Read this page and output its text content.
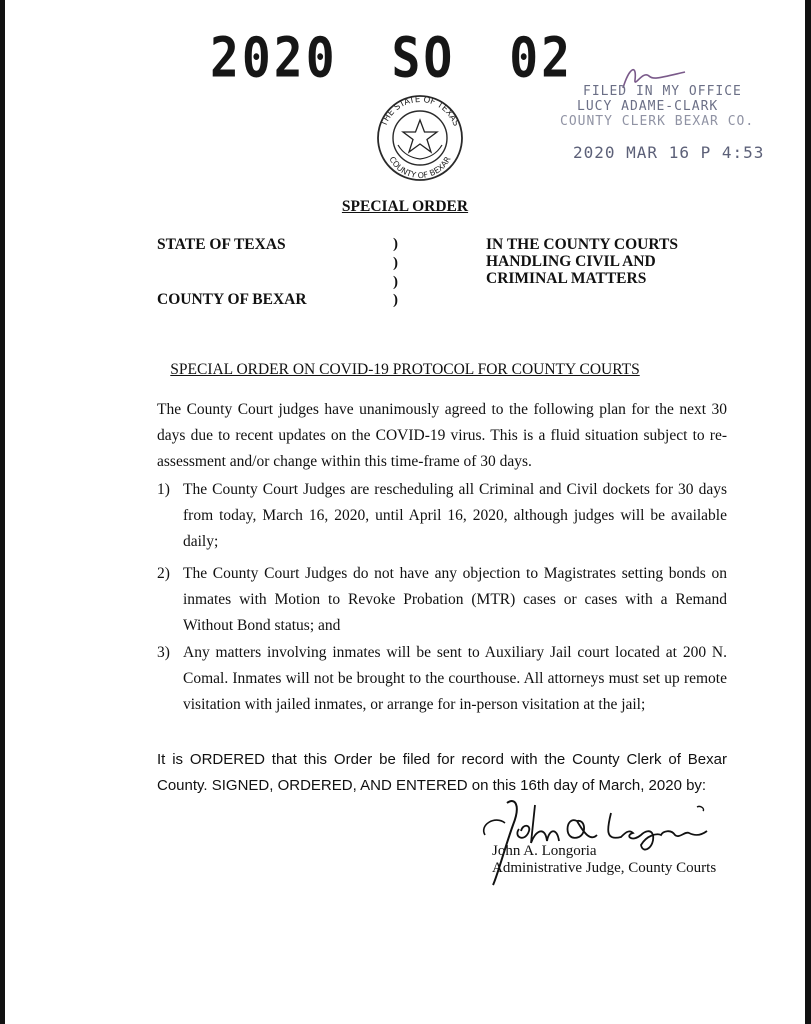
2020 SO 02
FILED IN MY OFFICE
LUCY ADAME-CLARK
COUNTY CLERK BEXAR CO.
2020 MAR 16 P 4:53
THE STATE OF TEXAS
COUNTY OF BEXAR
SPECIAL ORDER
STATE OF TEXAS
COUNTY OF BEXAR
)
)
)
)
IN THE COUNTY COURTS
HANDLING CIVIL AND
CRIMINAL MATTERS
SPECIAL ORDER ON COVID-19 PROTOCOL FOR COUNTY COURTS
The County Court judges have unanimously agreed to the following plan for the next 30 days due to recent updates on the COVID-19 virus. This is a fluid situation subject to re-assessment and/or change within this time-frame of 30 days.
1) The County Court Judges are rescheduling all Criminal and Civil dockets for 30 days from today, March 16, 2020, until April 16, 2020, although judges will be available daily;
2) The County Court Judges do not have any objection to Magistrates setting bonds on inmates with Motion to Revoke Probation (MTR) cases or cases with a Remand Without Bond status; and
3) Any matters involving inmates will be sent to Auxiliary Jail court located at 200 N. Comal. Inmates will not be brought to the courthouse. All attorneys must set up remote visitation with jailed inmates, or arrange for in-person visitation at the jail;
It is ORDERED that this Order be filed for record with the County Clerk of Bexar County. SIGNED, ORDERED, AND ENTERED on this 16th day of March, 2020 by:
John A. Longoria
Administrative Judge, County Courts
